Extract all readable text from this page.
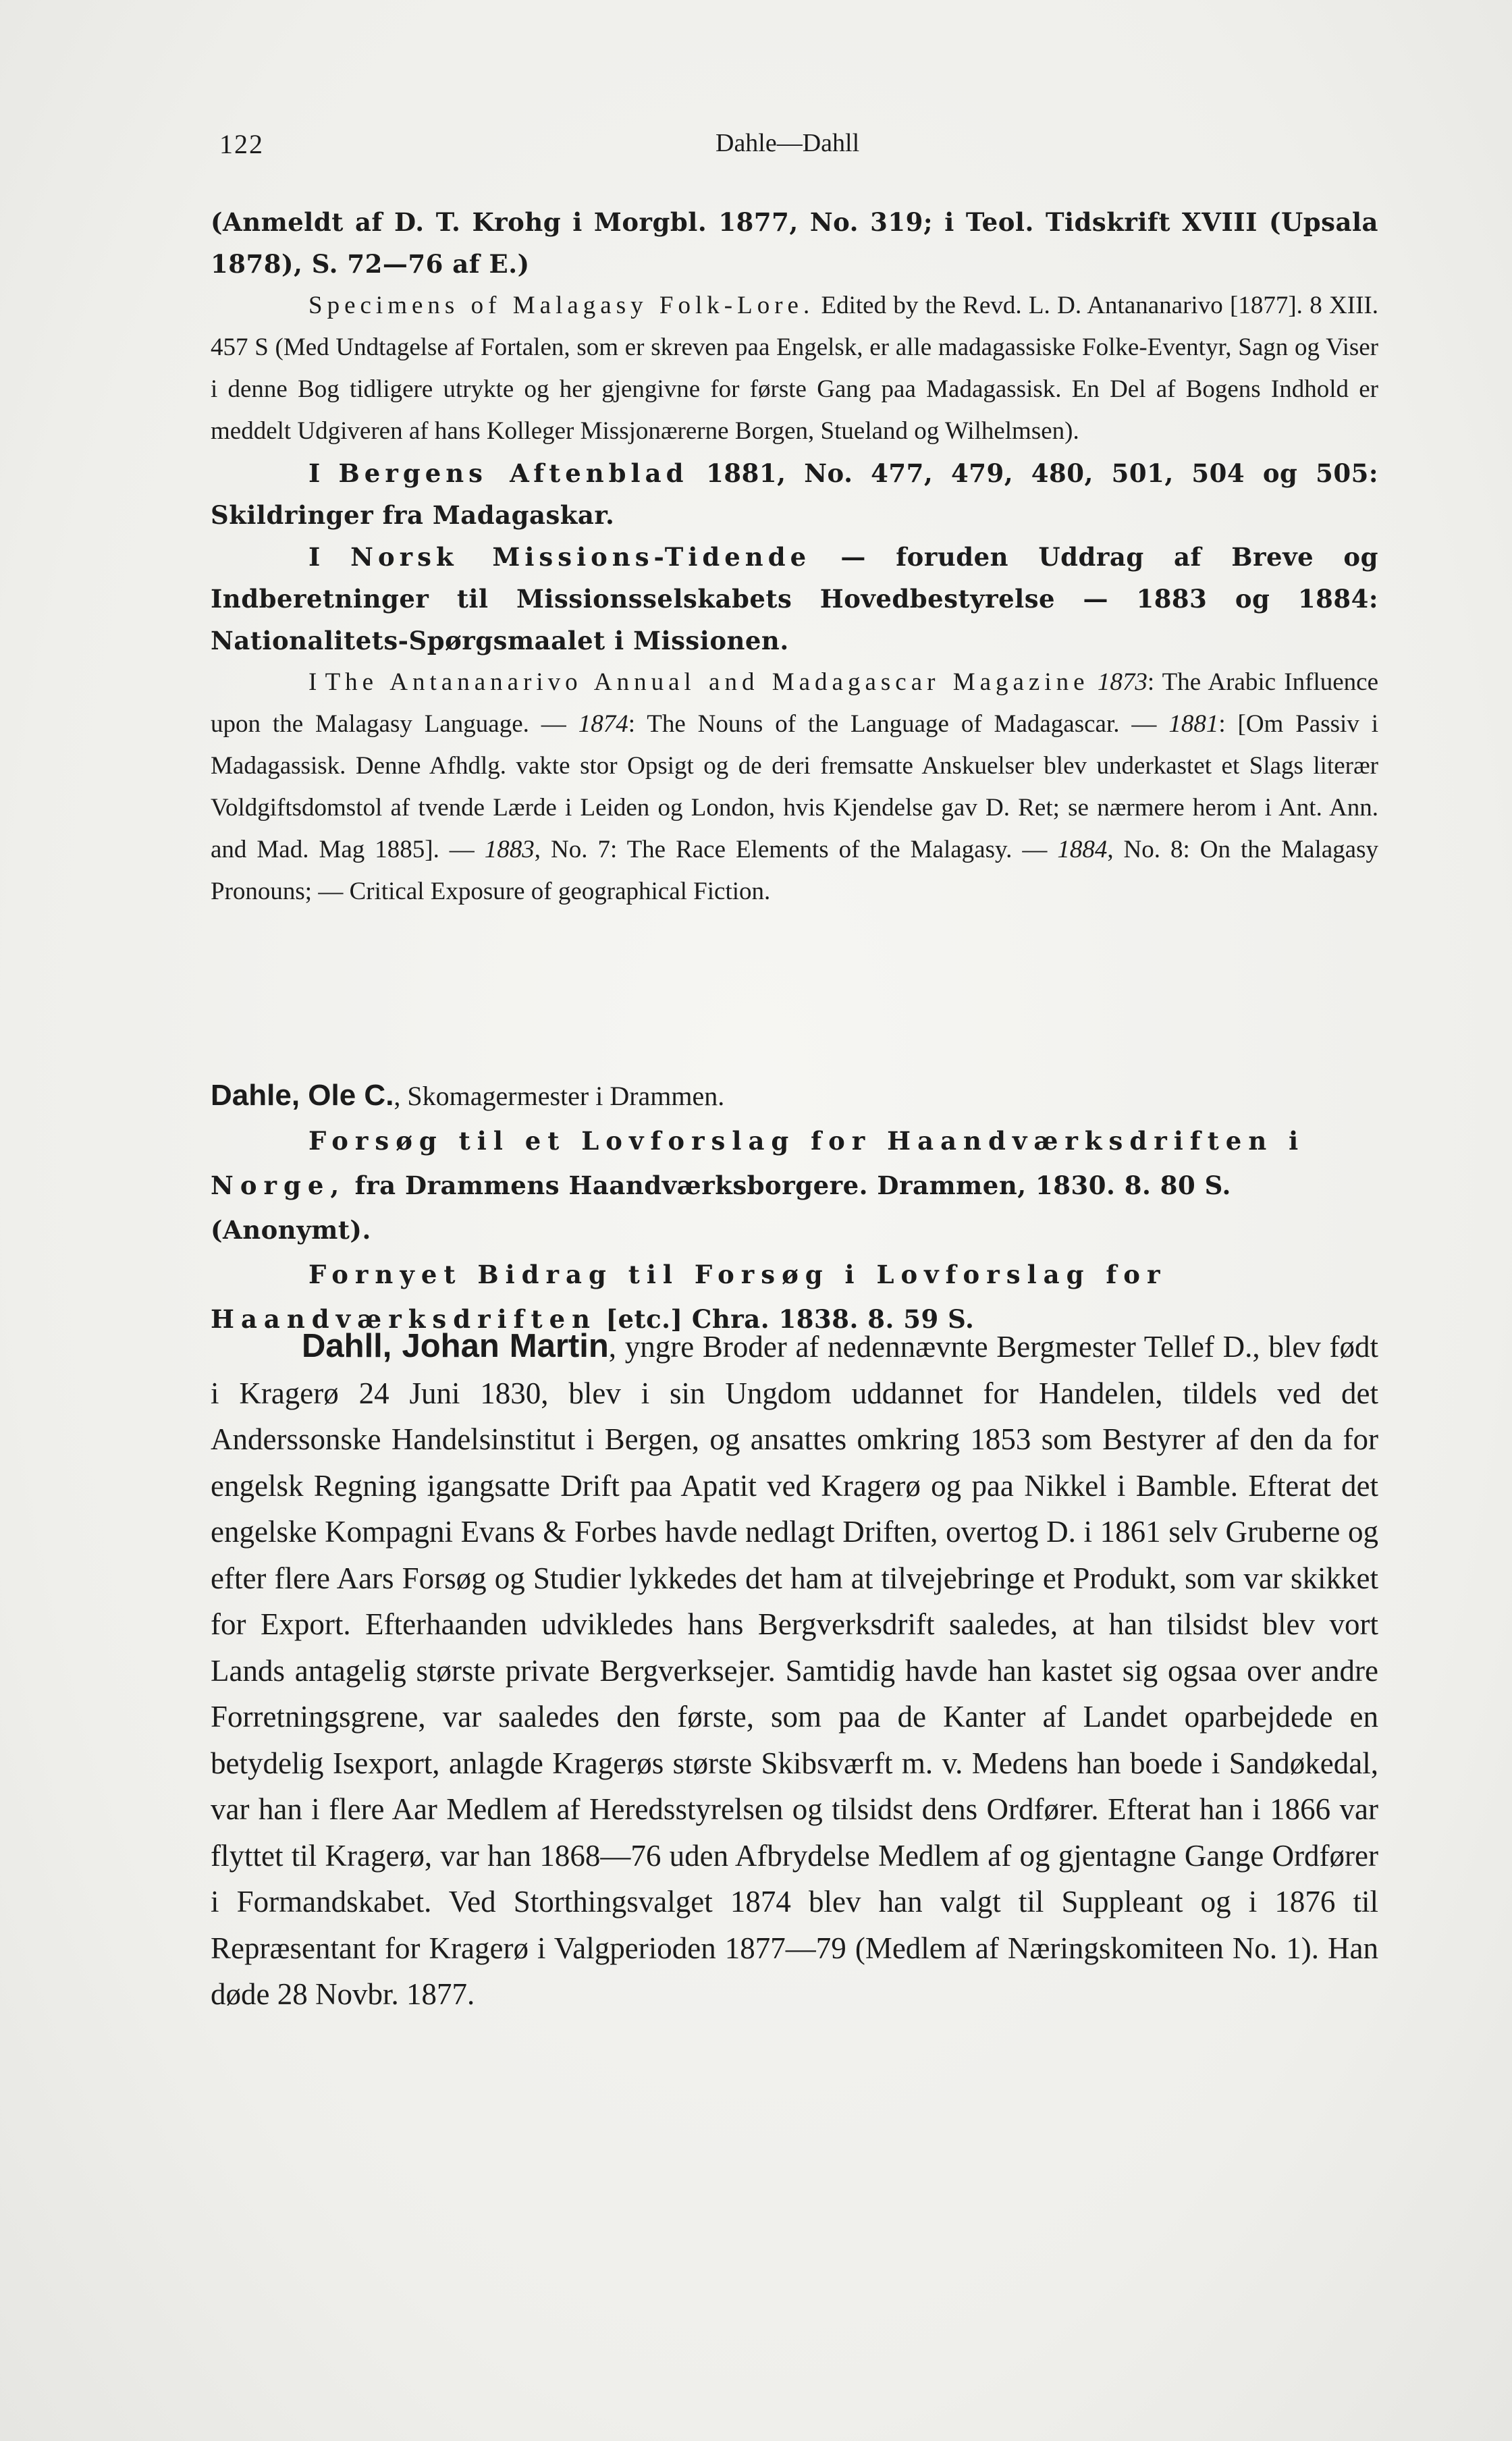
122	Dahle—Dahll

(Anmeldt af D. T. Krohg i Morgbl. 1877, No. 319; i Teol. Tidskrift XVIII (Upsala 1878), S. 72—76 af E.)

Specimens of Malagasy Folk-Lore. Edited by the Revd. L. D. Antananarivo [1877]. 8 XIII. 457 S (Med Undtagelse af Fortalen, som er skreven paa Engelsk, er alle madagassiske Folke-Eventyr, Sagn og Viser i denne Bog tidligere utrykte og her gjengivne for første Gang paa Madagassisk. En Del af Bogens Indhold er meddelt Udgiveren af hans Kolleger Missjonærerne Borgen, Stueland og Wilhelmsen).

I Bergens Aftenblad 1881, No. 477, 479, 480, 501, 504 og 505: Skildringer fra Madagaskar.

I Norsk Missions-Tidende — foruden Uddrag af Breve og Indberetninger til Missionsselskabets Hovedbestyrelse — 1883 og 1884: Nationalitets-Spørgsmaalet i Missionen.

I The Antananarivo Annual and Madagascar Magazine 1873: The Arabic Influence upon the Malagasy Language. — 1874: The Nouns of the Language of Madagascar. — 1881: [Om Passiv i Madagassisk. Denne Afhdlg. vakte stor Opsigt og de deri fremsatte Anskuelser blev underkastet et Slags literær Voldgiftsdomstol af tvende Lærde i Leiden og London, hvis Kjendelse gav D. Ret; se nærmere herom i Ant. Ann. and Mad. Mag 1885]. — 1883, No. 7: The Race Elements of the Malagasy. — 1884, No. 8: On the Malagasy Pronouns; — Critical Exposure of geographical Fiction.

Dahle, Ole C., Skomagermester i Drammen.

Forsøg til et Lovforslag for Haandværksdriften i Norge, fra Drammens Haandværksborgere. Drammen, 1830. 8. 80 S. (Anonymt).

Fornyet Bidrag til Forsøg i Lovforslag for Haandværksdriften [etc.] Chra. 1838. 8. 59 S.

Dahll, Johan Martin, yngre Broder af nedennævnte Bergmester Tellef D., blev født i Kragerø 24 Juni 1830, blev i sin Ungdom uddannet for Handelen, tildels ved det Anderssonske Handelsinstitut i Bergen, og ansattes omkring 1853 som Bestyrer af den da for engelsk Regning igangsatte Drift paa Apatit ved Kragerø og paa Nikkel i Bamble. Efterat det engelske Kompagni Evans & Forbes havde nedlagt Driften, overtog D. i 1861 selv Gruberne og efter flere Aars Forsøg og Studier lykkedes det ham at tilvejebringe et Produkt, som var skikket for Export. Efterhaanden udvikledes hans Bergverksdrift saaledes, at han tilsidst blev vort Lands antagelig største private Bergverksejer. Samtidig havde han kastet sig ogsaa over andre Forretningsgrene, var saaledes den første, som paa de Kanter af Landet oparbejdede en betydelig Isexport, anlagde Kragerøs største Skibsværft m. v. Medens han boede i Sandøkedal, var han i flere Aar Medlem af Heredsstyrelsen og tilsidst dens Ordfører. Efterat han i 1866 var flyttet til Kragerø, var han 1868—76 uden Afbrydelse Medlem af og gjentagne Gange Ordfører i Formandskabet. Ved Storthingsvalget 1874 blev han valgt til Suppleant og i 1876 til Repræsentant for Kragerø i Valgperioden 1877—79 (Medlem af Næringskomiteen No. 1). Han døde 28 Novbr. 1877.
